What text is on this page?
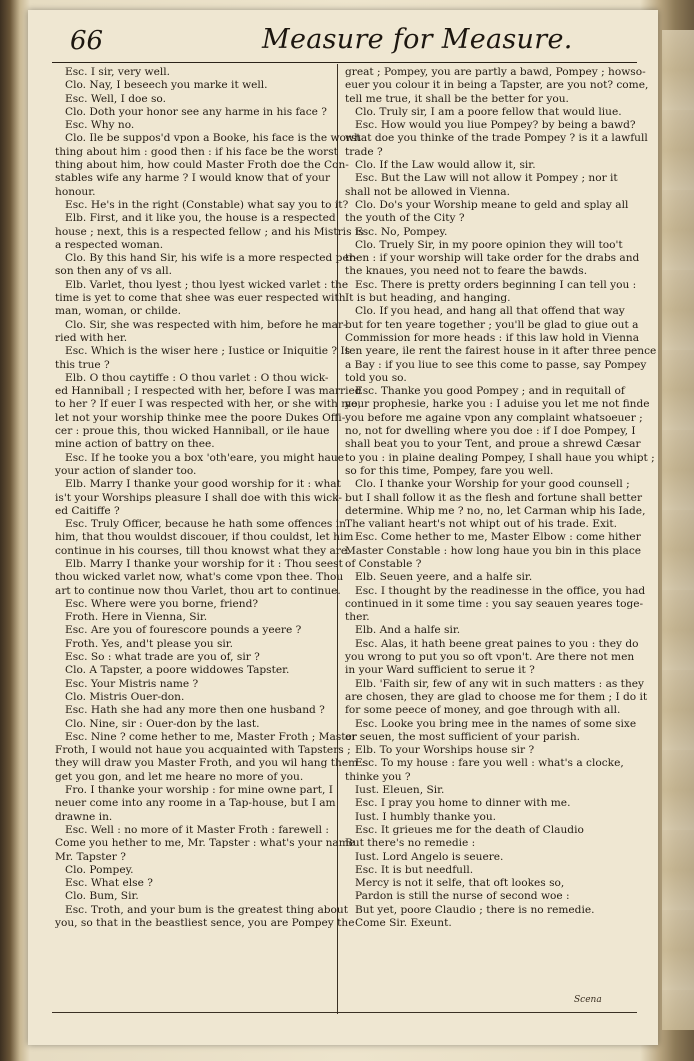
66	Measure for Measure.
Esc. I sir, very well.
Clo. Nay, I beseech you marke it well.
Esc. Well, I doe so.
Clo. Doth your honor see any harme in his face ?
Esc. Why no.
Clo. Ile be suppos'd vpon a Booke, his face is the worst
thing about him : good then : if his face be the worst
thing about him, how could Master Froth doe the Con-
stables wife any harme ? I would know that of your
honour.
Esc. He's in the right (Constable) what say you to it?
Elb. First, and it like you, the house is a respected
house ; next, this is a respected fellow ; and his Mistris is
a respected woman.
Clo. By this hand Sir, his wife is a more respected per-
son then any of vs all.
Elb. Varlet, thou lyest ; thou lyest wicked varlet : the
time is yet to come that shee was euer respected with
man, woman, or childe.
Clo. Sir, she was respected with him, before he mar-
ried with her.
Esc. Which is the wiser here ; Iustice or Iniquitie ? Is
this true ?
Elb. O thou caytiffe : O thou varlet : O thou wick-
ed Hanniball ; I respected with her, before I was married
to her ? If euer I was respected with her, or she with me,
let not your worship thinke mee the poore Dukes Offi-
cer : proue this, thou wicked Hanniball, or ile haue
mine action of battry on thee.
Esc. If he tooke you a box 'oth'eare, you might haue
your action of slander too.
Elb. Marry I thanke your good worship for it : what
is't your Worships pleasure I shall doe with this wick-
ed Caitiffe ?
Esc. Truly Officer, because he hath some offences in
him, that thou wouldst discouer, if thou couldst, let him
continue in his courses, till thou knowst what they are.
Elb. Marry I thanke your worship for it : Thou seest
thou wicked varlet now, what's come vpon thee. Thou
art to continue now thou Varlet, thou art to continue.
Esc. Where were you borne, friend?
Froth. Here in Vienna, Sir.
Esc. Are you of fourescore pounds a yeere ?
Froth. Yes, and't please you sir.
Esc. So : what trade are you of, sir ?
Clo. A Tapster, a poore widdowes Tapster.
Esc. Your Mistris name ?
Clo. Mistris Ouer-don.
Esc. Hath she had any more then one husband ?
Clo. Nine, sir : Ouer-don by the last.
Esc. Nine ? come hether to me, Master Froth ; Master
Froth, I would not haue you acquainted with Tapsters ;
they will draw you Master Froth, and you wil hang them :
get you gon, and let me heare no more of you.
Fro. I thanke your worship : for mine owne part, I
neuer come into any roome in a Tap-house, but I am
drawne in.
Esc. Well : no more of it Master Froth : farewell :
Come you hether to me, Mr. Tapster : what's your name
Mr. Tapster ?
Clo. Pompey.
Esc. What else ?
Clo. Bum, Sir.
Esc. Troth, and your bum is the greatest thing about
you, so that in the beastliest sence, you are Pompey the
great ; Pompey, you are partly a bawd, Pompey ; howso-
euer you colour it in being a Tapster, are you not? come,
tell me true, it shall be the better for you.
Clo. Truly sir, I am a poore fellow that would liue.
Esc. How would you liue Pompey? by being a bawd?
what doe you thinke of the trade Pompey ? is it a lawfull
trade ?
Clo. If the Law would allow it, sir.
Esc. But the Law will not allow it Pompey ; nor it
shall not be allowed in Vienna.
Clo. Do's your Worship meane to geld and splay all
the youth of the City ?
Esc. No, Pompey.
Clo. Truely Sir, in my poore opinion they will too't
then : if your worship will take order for the drabs and
the knaues, you need not to feare the bawds.
Esc. There is pretty orders beginning I can tell you :
It is but heading, and hanging.
Clo. If you head, and hang all that offend that way
but for ten yeare together ; you'll be glad to giue out a
Commission for more heads : if this law hold in Vienna
ten yeare, ile rent the fairest house in it after three pence
a Bay : if you liue to see this come to passe, say Pompey
told you so.
Esc. Thanke you good Pompey ; and in requitall of
your prophesie, harke you : I aduise you let me not finde
you before me againe vpon any complaint whatsoeuer ;
no, not for dwelling where you doe : if I doe Pompey, I
shall beat you to your Tent, and proue a shrewd Cæsar
to you : in plaine dealing Pompey, I shall haue you whipt ;
so for this time, Pompey, fare you well.
Clo. I thanke your Worship for your good counsell ;
but I shall follow it as the flesh and fortune shall better
determine. Whip me ? no, no, let Carman whip his Iade,
The valiant heart's not whipt out of his trade. Exit.
Esc. Come hether to me, Master Elbow : come hither
Master Constable : how long haue you bin in this place
of Constable ?
Elb. Seuen yeere, and a halfe sir.
Esc. I thought by the readinesse in the office, you had
continued in it some time : you say seauen yeares toge-
ther.
Elb. And a halfe sir.
Esc. Alas, it hath beene great paines to you : they do
you wrong to put you so oft vpon't. Are there not men
in your Ward sufficient to serue it ?
Elb. 'Faith sir, few of any wit in such matters : as they
are chosen, they are glad to choose me for them ; I do it
for some peece of money, and goe through with all.
Esc. Looke you bring mee in the names of some sixe
or seuen, the most sufficient of your parish.
Elb. To your Worships house sir ?
Esc. To my house : fare you well : what's a clocke,
thinke you ?
Iust. Eleuen, Sir.
Esc. I pray you home to dinner with me.
Iust. I humbly thanke you.
Esc. It grieues me for the death of Claudio
But there's no remedie :
Iust. Lord Angelo is seuere.
Esc. It is but needfull.
Mercy is not it selfe, that oft lookes so,
Pardon is still the nurse of second woe :
But yet, poore Claudio ; there is no remedie.
Come Sir. Exeunt.
Scena
